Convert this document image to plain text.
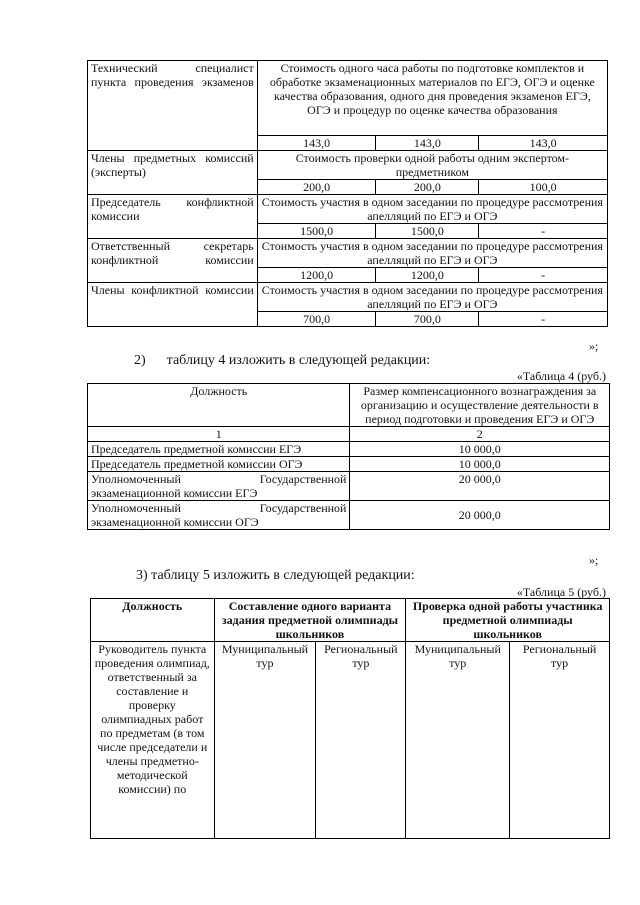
Технический специалист пункта проведения экзаменов	Стоимость одного часа работы по подготовке комплектов и обработке экзаменационных материалов по ЕГЭ, ОГЭ и оценке качества образования, одного дня проведения экзаменов ЕГЭ, ОГЭ и процедур по оценке качества образования		
	143,0	143,0	143,0
Члены предметных комиссий (эксперты)	Стоимость проверки одной работы одним экспертом-предметником		
	200,0	200,0	100,0
Председатель конфликтной комиссии	Стоимость участия в одном заседании по процедуре рассмотрения апелляций по ЕГЭ и ОГЭ		
	1500,0	1500,0	-
Ответственный секретарь конфликтной комиссии	Стоимость участия в одном заседании по процедуре рассмотрения апелляций по ЕГЭ и ОГЭ		
	1200,0	1200,0	-
Члены конфликтной комиссии	Стоимость участия в одном заседании по процедуре рассмотрения апелляций по ЕГЭ и ОГЭ		
	700,0	700,0	-
»;
2)      таблицу 4 изложить в следующей редакции:
«Таблица 4 (руб.)
Должность	Размер компенсационного вознаграждения за организацию и осуществление деятельности в период подготовки и проведения ЕГЭ и ОГЭ
1	2
Председатель предметной комиссии ЕГЭ	10 000,0
Председатель предметной комиссии ОГЭ	10 000,0
Уполномоченный Государственной экзаменационной комиссии ЕГЭ	20 000,0
Уполномоченный Государственной экзаменационной комиссии ОГЭ	20 000,0
»;
3) таблицу 5 изложить в следующей редакции:
«Таблица 5 (руб.)
Должность	Составление одного варианта задания предметной олимпиады школьников		Проверка одной работы участника предметной олимпиады школьников	
Руководитель пункта проведения олимпиад, ответственный за составление и проверку олимпиадных работ по предметам (в том числе председатели и члены предметно-методической комиссии) по	Муниципальный тур	Региональный тур	Муниципальный тур	Региональный тур
